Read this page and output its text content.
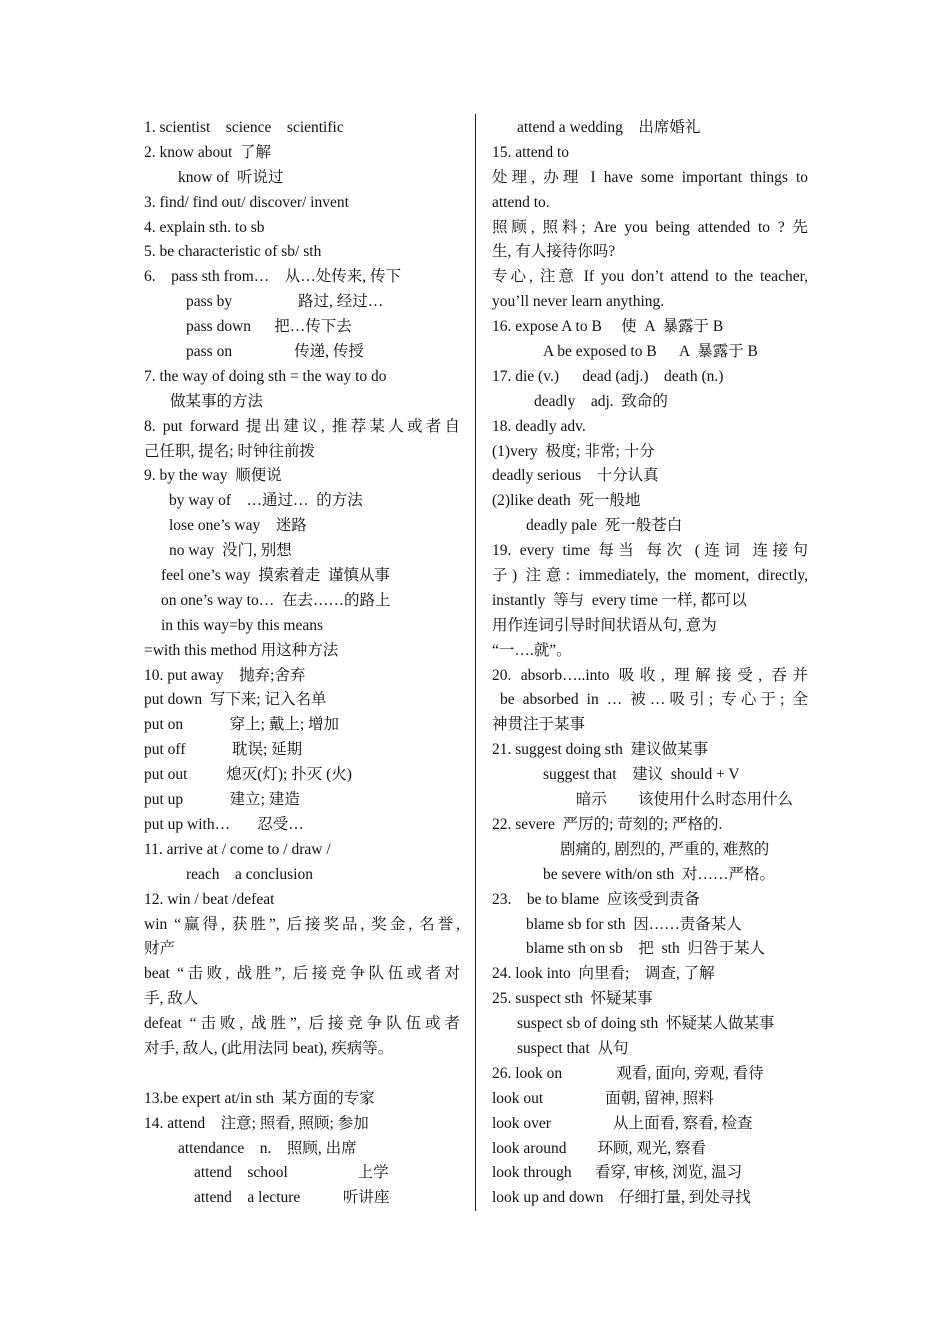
1. scientist    science    scientific
2. know about  了解
know of  听说过
3. find/ find out/ discover/ invent
4. explain sth. to sb
5. be characteristic of sb/ sth
6.    pass sth from…    从…处传来, 传下
pass by                 路过, 经过…
pass down      把…传下去
pass on                传递, 传授
7. the way of doing sth = the way to do
做某事的方法
8. put forward 提出建议, 推荐某人或者自
己任职, 提名; 时钟往前拨
9. by the way  顺便说
by way of    …通过…  的方法
lose one’s way    迷路
no way  没门, 别想
feel one’s way  摸索着走  谨慎从事
on one’s way to…  在去……的路上
in this way=by this means
=with this method 用这种方法
10. put away    抛弃;舍弃
put down  写下来; 记入名单
put on            穿上; 戴上; 增加
put off            耽误; 延期
put out          熄灭(灯); 扑灭 (火)
put up            建立; 建造
put up with…       忍受…
11. arrive at / come to / draw /
reach    a conclusion
12. win / beat /defeat
win “赢得, 获胜”, 后接奖品, 奖金, 名誉,
财产
beat “击败, 战胜”, 后接竞争队伍或者对
手, 敌人
defeat “击败, 战胜”, 后接竞争队伍或者
对手, 敌人, (此用法同 beat), 疾病等。
13.be expert at/in sth  某方面的专家
14. attend    注意; 照看, 照顾; 参加
attendance    n.    照顾, 出席
attend    school                  上学
attend    a lecture           听讲座
attend a wedding    出席婚礼
15. attend to
处理, 办理 I have some important things to
attend to.
照顾, 照料; Are you being attended to ? 先
生, 有人接待你吗?
专心, 注意 If you don’t attend to the teacher,
you’ll never learn anything.
16. expose A to B     使  A  暴露于 B
A be exposed to B      A  暴露于 B
17. die (v.)      dead (adj.)    death (n.)
deadly    adj.  致命的
18. deadly adv.
(1)very  极度; 非常; 十分
deadly serious    十分认真
(2)like death  死一般地
deadly pale  死一般苍白
19. every time 每当 每次 (连词 连接句
子) 注意: immediately, the moment, directly,
instantly  等与  every time 一样, 都可以
用作连词引导时间状语从句, 意为
“一….就”。
20. absorb…..into 吸收, 理解接受, 吞并
be absorbed in … 被…吸引; 专心于; 全
神贯注于某事
21. suggest doing sth  建议做某事
suggest that    建议  should + V
暗示        该使用什么时态用什么
22. severe  严厉的; 苛刻的; 严格的.
剧痛的, 剧烈的, 严重的, 难熬的
be severe with/on sth  对……严格。
23.    be to blame  应该受到责备
blame sb for sth  因……责备某人
blame sth on sb    把  sth  归咎于某人
24. look into  向里看;    调查, 了解
25. suspect sth  怀疑某事
suspect sb of doing sth  怀疑某人做某事
suspect that  从句
26. look on              观看, 面向, 旁观, 看待
look out                面朝, 留神, 照料
look over                从上面看, 察看, 检查
look around        环顾, 观光, 察看
look through      看穿, 审核, 浏览, 温习
look up and down    仔细打量, 到处寻找
